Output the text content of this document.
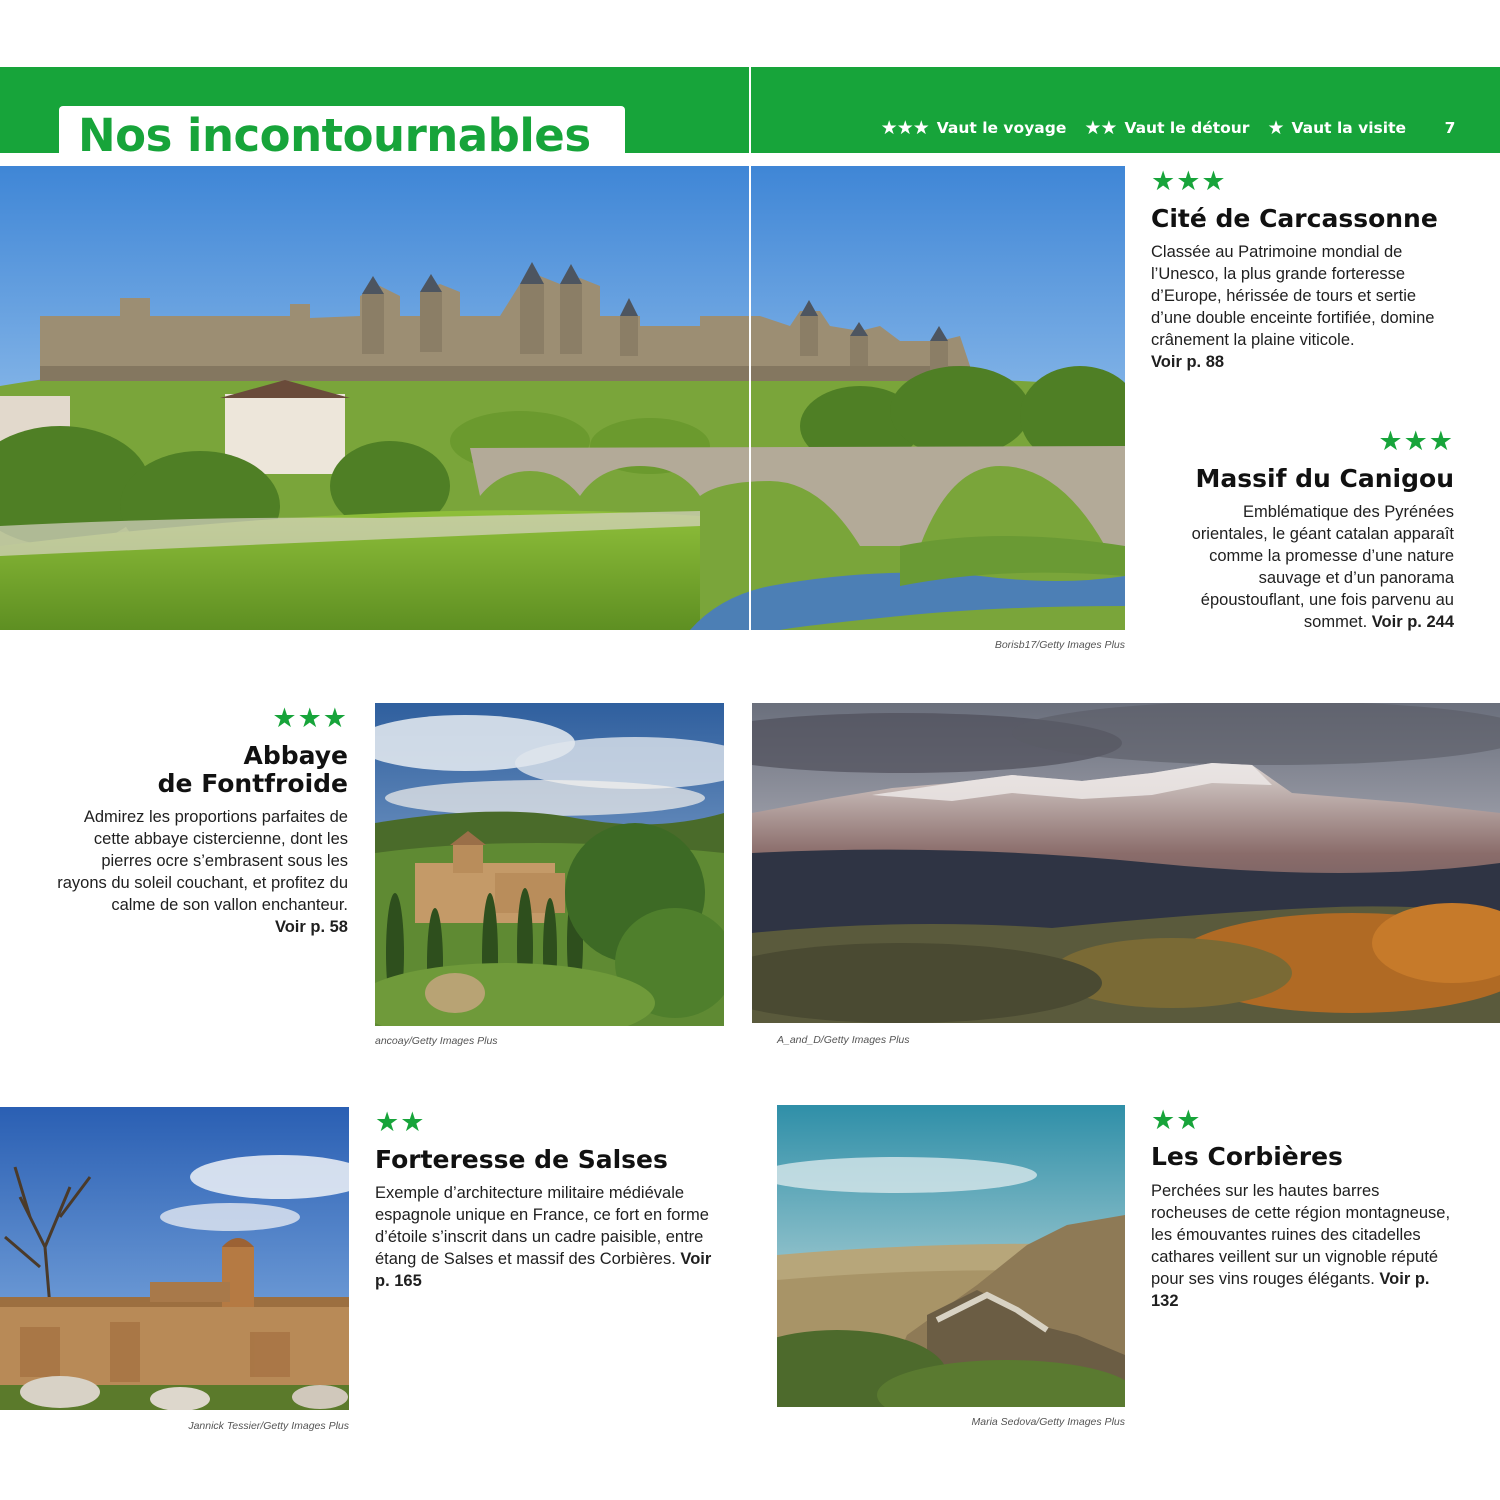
Nos incontournables	★★★ Vaut le voyage ★★ Vaut le détour ★ Vaut la visite 7
Borisb17/Getty Images Plus
★★★
Cité de Carcassonne

Classée au Patrimoine mondial de l’Unesco, la plus grande forteresse d’Europe, hérissée de tours et sertie d’une double enceinte fortifiée, domine crânement la plaine viticole.
Voir p. 88

★★★
Massif du Canigou

Emblématique des Pyrénées orientales, le géant catalan apparaît comme la promesse d’une nature sauvage et d’un panorama époustouflant, une fois parvenu au sommet. Voir p. 244

★★★
Abbaye
de Fontfroide

Admirez les proportions parfaites de cette abbaye cistercienne, dont les pierres ocre s’embrasent sous les rayons du soleil couchant, et profitez du calme de son vallon enchanteur.
Voir p. 58

ancoay/Getty Images Plus	A_and_D/Getty Images Plus
Jannick Tessier/Getty Images Plus
★★
Forteresse de Salses

Exemple d’architecture militaire médiévale espagnole unique en France, ce fort en forme d’étoile s’inscrit dans un cadre paisible, entre étang de Salses et massif des Corbières. Voir p. 165

Maria Sedova/Getty Images Plus
★★
Les Corbières

Perchées sur les hautes barres rocheuses de cette région montagneuse, les émouvantes ruines des citadelles cathares veillent sur un vignoble réputé pour ses vins rouges élégants. Voir p. 132
